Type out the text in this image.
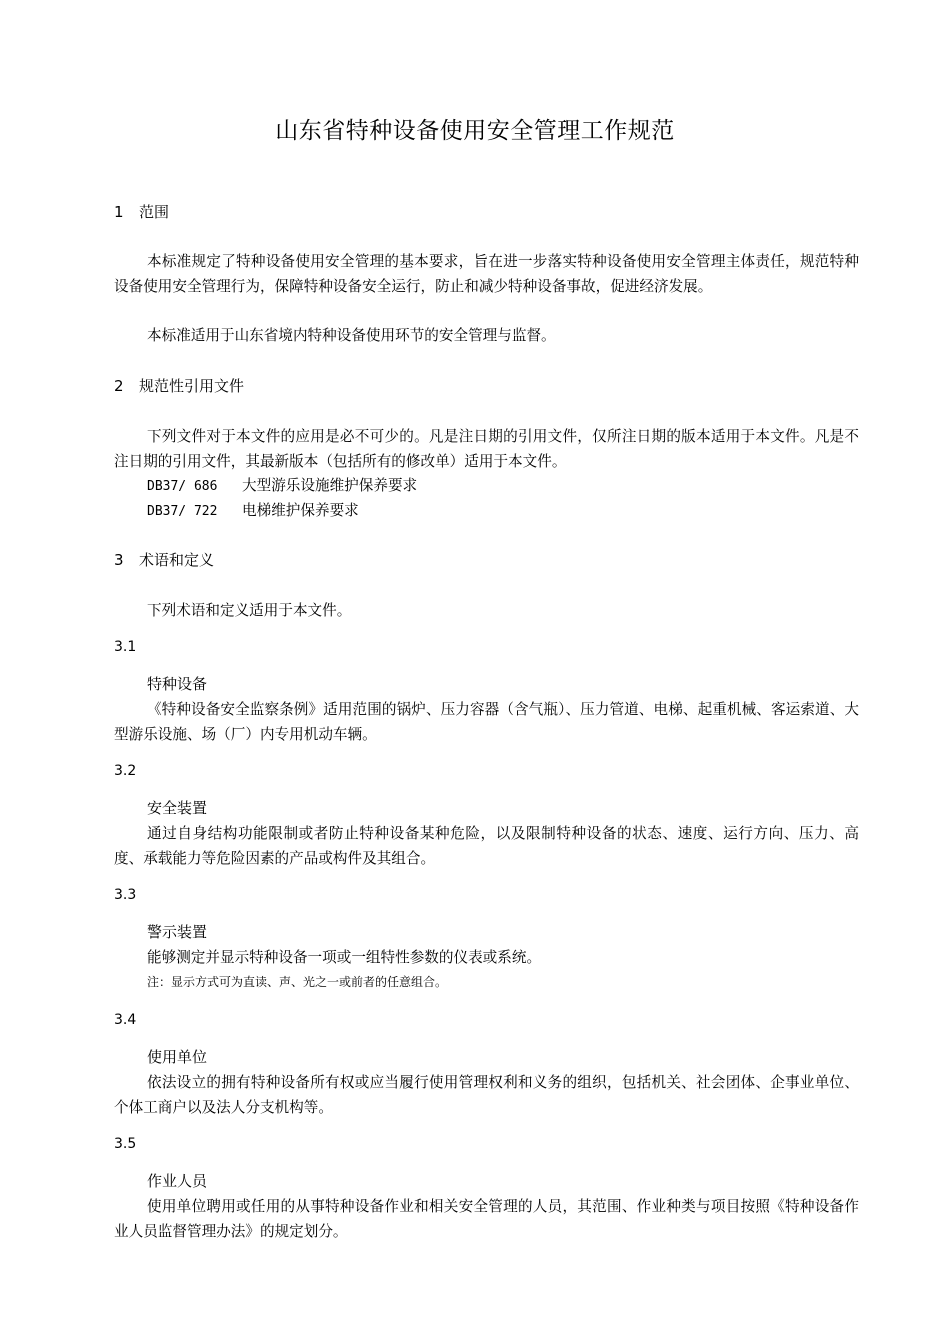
山东省特种设备使用安全管理工作规范
1 范围
本标准规定了特种设备使用安全管理的基本要求，旨在进一步落实特种设备使用安全管理主体责任，规范特种设备使用安全管理行为，保障特种设备安全运行，防止和减少特种设备事故，促进经济发展。
本标准适用于山东省境内特种设备使用环节的安全管理与监督。
2 规范性引用文件
下列文件对于本文件的应用是必不可少的。凡是注日期的引用文件，仅所注日期的版本适用于本文件。凡是不注日期的引用文件，其最新版本（包括所有的修改单）适用于本文件。
DB37/ 686 大型游乐设施维护保养要求
DB37/ 722 电梯维护保养要求
3 术语和定义
下列术语和定义适用于本文件。
3.1
特种设备
《特种设备安全监察条例》适用范围的锅炉、压力容器（含气瓶）、压力管道、电梯、起重机械、客运索道、大型游乐设施、场（厂）内专用机动车辆。
3.2
安全装置
通过自身结构功能限制或者防止特种设备某种危险，以及限制特种设备的状态、速度、运行方向、压力、高度、承载能力等危险因素的产品或构件及其组合。
3.3
警示装置
能够测定并显示特种设备一项或一组特性参数的仪表或系统。
注：显示方式可为直读、声、光之一或前者的任意组合。
3.4
使用单位
依法设立的拥有特种设备所有权或应当履行使用管理权利和义务的组织，包括机关、社会团体、企事业单位、个体工商户以及法人分支机构等。
3.5
作业人员
使用单位聘用或任用的从事特种设备作业和相关安全管理的人员，其范围、作业种类与项目按照《特种设备作业人员监督管理办法》的规定划分。
